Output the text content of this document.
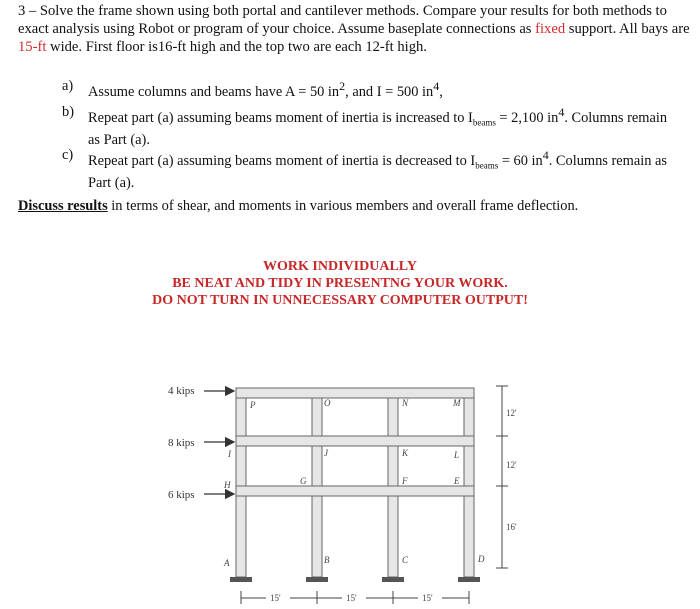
3 – Solve the frame shown using both portal and cantilever methods. Compare your results for both methods to exact analysis using Robot or program of your choice. Assume baseplate connections as fixed support. All bays are 15-ft wide. First floor is16-ft high and the top two are each 12-ft high.
a) Assume columns and beams have A = 50 $in^2$, and I = 500 $in^4$,
b) Repeat part (a) assuming beams moment of inertia is increased to $I_{beams} = 2,100$ $in^4$. Columns remain as Part (a).
c) Repeat part (a) assuming beams moment of inertia is decreased to $I_{beams} = 60$ $in^4$. Columns remain as Part (a).
Discuss results in terms of shear, and moments in various members and overall frame deflection.
WORK INDIVIDUALLY
BE NEAT AND TIDY IN PRESENTNG YOUR WORK.
DO NOT TURN IN UNNECESSARY COMPUTER OUTPUT!
4 kips
8 kips
6 kips
P	O	N	M
I	J	K	L
H	G	F	E
A	B	C	D
12'
12'
16'
15'	15'	15'
